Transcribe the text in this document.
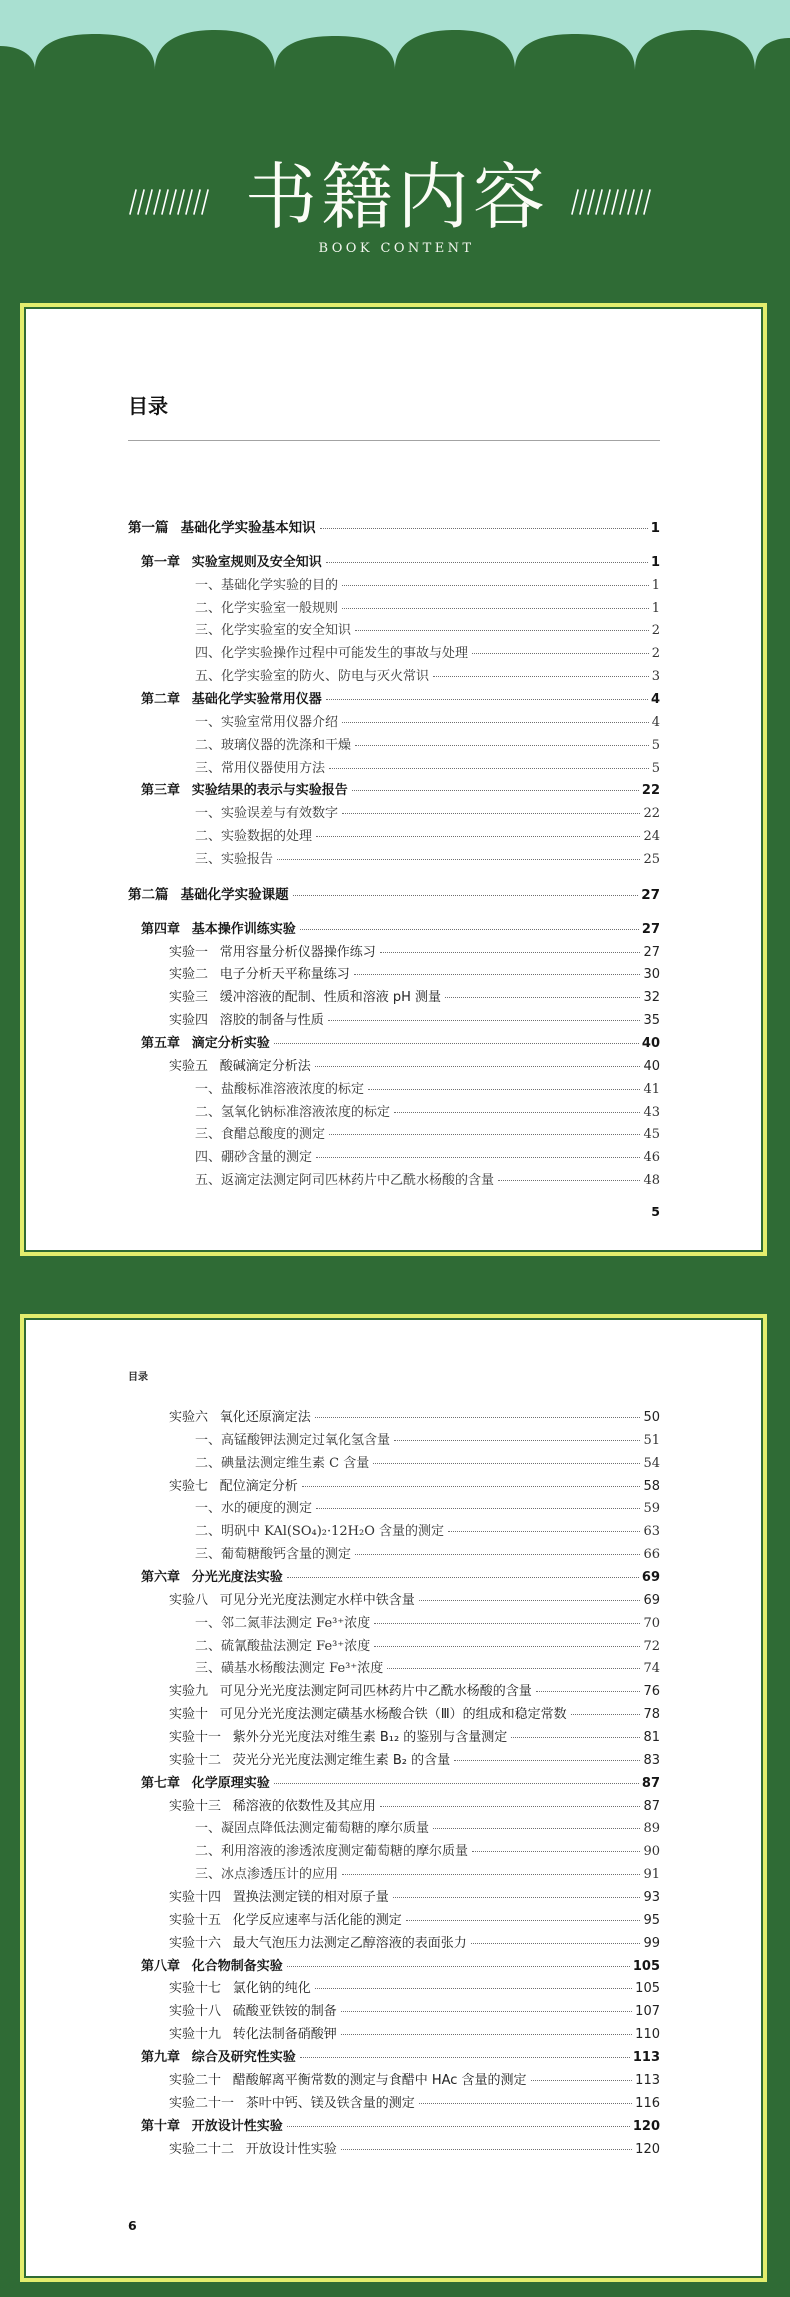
书籍内容
BOOK CONTENT
目录
第一篇 基础化学实验基本知识	1
第一章 实验室规则及安全知识	1
一、基础化学实验的目的	1
二、化学实验室一般规则	1
三、化学实验室的安全知识	2
四、化学实验操作过程中可能发生的事故与处理	2
五、化学实验室的防火、防电与灭火常识	3
第二章 基础化学实验常用仪器	4
一、实验室常用仪器介绍	4
二、玻璃仪器的洗涤和干燥	5
三、常用仪器使用方法	5
第三章 实验结果的表示与实验报告	22
一、实验误差与有效数字	22
二、实验数据的处理	24
三、实验报告	25
第二篇 基础化学实验课题	27
第四章 基本操作训练实验	27
实验一 常用容量分析仪器操作练习	27
实验二 电子分析天平称量练习	30
实验三 缓冲溶液的配制、性质和溶液 pH 测量	32
实验四 溶胶的制备与性质	35
第五章 滴定分析实验	40
实验五 酸碱滴定分析法	40
一、盐酸标准溶液浓度的标定	41
二、氢氧化钠标准溶液浓度的标定	43
三、食醋总酸度的测定	45
四、硼砂含量的测定	46
五、返滴定法测定阿司匹林药片中乙酰水杨酸的含量	48
5
目录
实验六 氧化还原滴定法	50
一、高锰酸钾法测定过氧化氢含量	51
二、碘量法测定维生素 C 含量	54
实验七 配位滴定分析	58
一、水的硬度的测定	59
二、明矾中 KAl(SO₄)₂·12H₂O 含量的测定	63
三、葡萄糖酸钙含量的测定	66
第六章 分光光度法实验	69
实验八 可见分光光度法测定水样中铁含量	69
一、邻二氮菲法测定 Fe³⁺浓度	70
二、硫氰酸盐法测定 Fe³⁺浓度	72
三、磺基水杨酸法测定 Fe³⁺浓度	74
实验九 可见分光光度法测定阿司匹林药片中乙酰水杨酸的含量	76
实验十 可见分光光度法测定磺基水杨酸合铁（Ⅲ）的组成和稳定常数	78
实验十一 紫外分光光度法对维生素 B₁₂ 的鉴别与含量测定	81
实验十二 荧光分光光度法测定维生素 B₂ 的含量	83
第七章 化学原理实验	87
实验十三 稀溶液的依数性及其应用	87
一、凝固点降低法测定葡萄糖的摩尔质量	89
二、利用溶液的渗透浓度测定葡萄糖的摩尔质量	90
三、冰点渗透压计的应用	91
实验十四 置换法测定镁的相对原子量	93
实验十五 化学反应速率与活化能的测定	95
实验十六 最大气泡压力法测定乙醇溶液的表面张力	99
第八章 化合物制备实验	105
实验十七 氯化钠的纯化	105
实验十八 硫酸亚铁铵的制备	107
实验十九 转化法制备硝酸钾	110
第九章 综合及研究性实验	113
实验二十 醋酸解离平衡常数的测定与食醋中 HAc 含量的测定	113
实验二十一 茶叶中钙、镁及铁含量的测定	116
第十章 开放设计性实验	120
实验二十二 开放设计性实验	120
6
